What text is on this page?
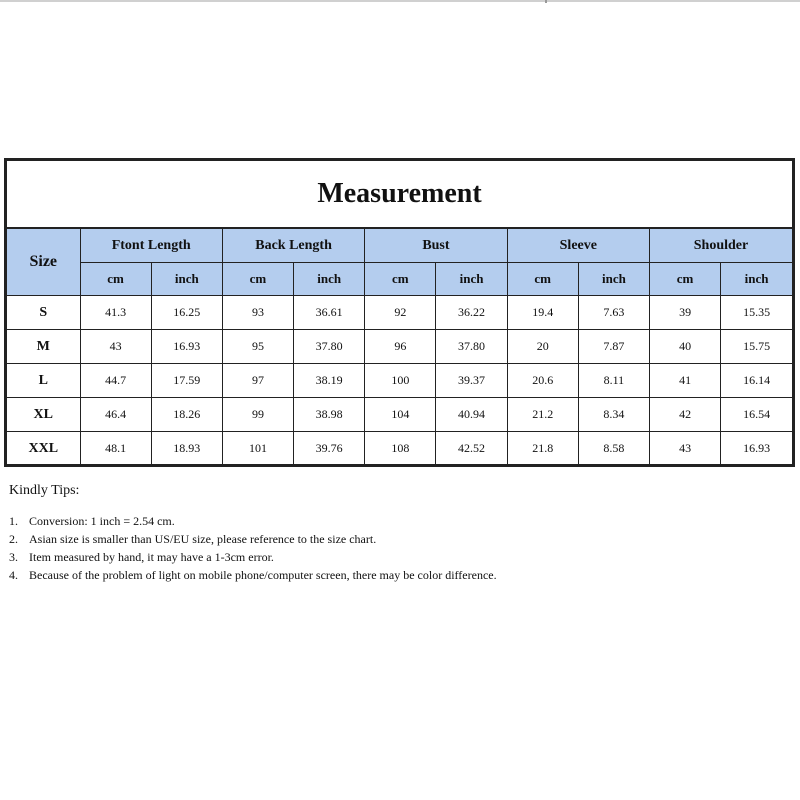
Measurement
Size	Ftont Length		Back Length		Bust		Sleeve		Shoulder	
	cm	inch	cm	inch	cm	inch	cm	inch	cm	inch
S	41.3	16.25	93	36.61	92	36.22	19.4	7.63	39	15.35
M	43	16.93	95	37.80	96	37.80	20	7.87	40	15.75
L	44.7	17.59	97	38.19	100	39.37	20.6	8.11	41	16.14
XL	46.4	18.26	99	38.98	104	40.94	21.2	8.34	42	16.54
XXL	48.1	18.93	101	39.76	108	42.52	21.8	8.58	43	16.93
Kindly Tips:
1. Conversion: 1 inch = 2.54 cm.
2. Asian size is smaller than US/EU size, please reference to the size chart.
3. Item measured by hand, it may have a 1-3cm error.
4. Because of the problem of light on mobile phone/computer screen, there may be color difference.
